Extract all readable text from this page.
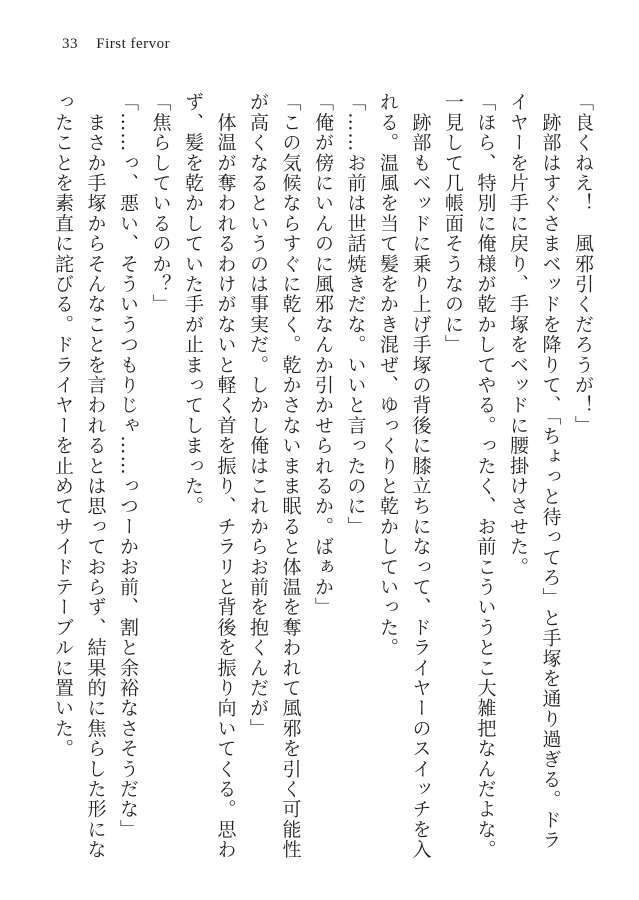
33 First fervor

「良くねえ！　風邪引くだろうが！」

　跡部はすぐさまベッドを降りて、「ちょっと待ってろ」と手塚を通り過ぎる。ドライヤーを片手に戻り、手塚をベッドに腰掛けさせた。

「ほら、特別に俺様が乾かしてやる。ったく、お前こういうとこ大雑把なんだよな。一見して几帳面そうなのに」

　跡部もベッドに乗り上げ手塚の背後に膝立ちになって、ドライヤーのスイッチを入れる。温風を当て髪をかき混ぜ、ゆっくりと乾かしていった。

「……お前は世話焼きだな。いいと言ったのに」

「俺が傍にいんのに風邪なんか引かせられるか。ばぁか」

「この気候ならすぐに乾く。乾かさないまま眠ると体温を奪われて風邪を引く可能性が高くなるというのは事実だ。しかし俺はこれからお前を抱くんだが」

　体温が奪われるわけがないと軽く首を振り、チラリと背後を振り向いてくる。思わず、髪を乾かしていた手が止まってしまった。

「焦らしているのか？」

「……っ、悪い、そういうつもりじゃ……っつーかお前、割と余裕なさそうだな」

　まさか手塚からそんなことを言われるとは思っておらず、結果的に焦らした形になったことを素直に詫びる。ドライヤーを止めてサイドテーブルに置いた。
